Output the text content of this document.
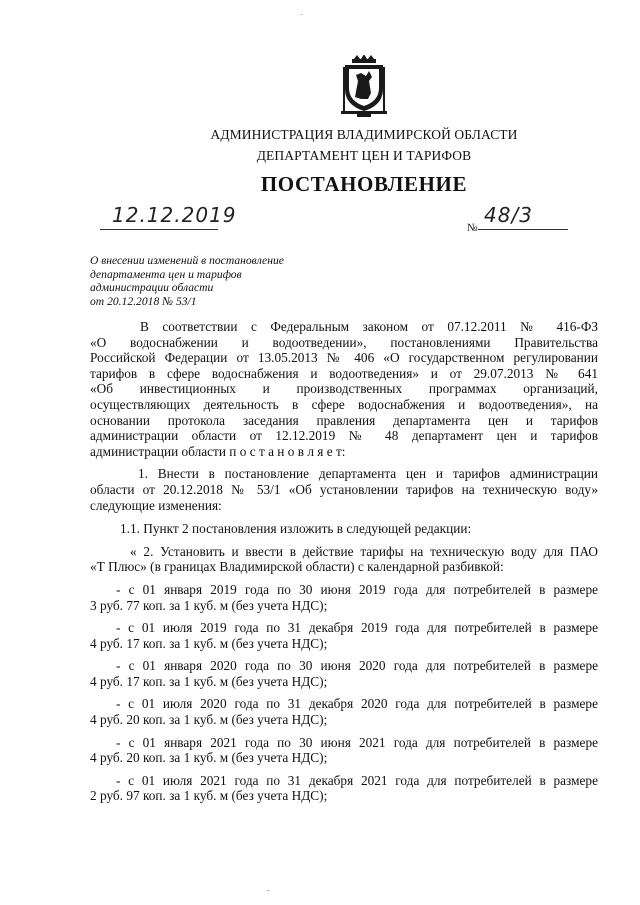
АДМИНИСТРАЦИЯ ВЛАДИМИРСКОЙ ОБЛАСТИ
ДЕПАРТАМЕНТ ЦЕН И ТАРИФОВ
ПОСТАНОВЛЕНИЕ
12.12.2019
№
48/3
О внесении изменений в постановление
департамента цен и тарифов
администрации области
от 20.12.2018 № 53/1
В соответствии с Федеральным законом от 07.12.2011 № 416-ФЗ
«О водоснабжении и водоотведении», постановлениями Правительства
Российской Федерации от 13.05.2013 № 406 «О государственном регулировании
тарифов в сфере водоснабжения и водоотведения» и от 29.07.2013 № 641
«Об инвестиционных и производственных программах организаций,
осуществляющих деятельность в сфере водоснабжения и водоотведения», на
основании протокола заседания правления департамента цен и тарифов
администрации области от 12.12.2019 № 48 департамент цен и тарифов
администрации области п о с т а н о в л я е т:
1. Внести в постановление департамента цен и тарифов администрации
области от 20.12.2018 № 53/1 «Об установлении тарифов на техническую воду»
следующие изменения:
1.1. Пункт 2 постановления изложить в следующей редакции:
« 2. Установить и ввести в действие тарифы на техническую воду для ПАО
«Т Плюс» (в границах Владимирской области) с календарной разбивкой:
- с 01 января 2019 года по 30 июня 2019 года для потребителей в размере
3 руб. 77 коп. за 1 куб. м (без учета НДС);
- с 01 июля 2019 года по 31 декабря 2019 года для потребителей в размере
4 руб. 17 коп. за 1 куб. м (без учета НДС);
- с 01 января 2020 года по 30 июня 2020 года для потребителей в размере
4 руб. 17 коп. за 1 куб. м (без учета НДС);
- с 01 июля 2020 года по 31 декабря 2020 года для потребителей в размере
4 руб. 20 коп. за 1 куб. м (без учета НДС);
- с 01 января 2021 года по 30 июня 2021 года для потребителей в размере
4 руб. 20 коп. за 1 куб. м (без учета НДС);
- с 01 июля 2021 года по 31 декабря 2021 года для потребителей в размере
2 руб. 97 коп. за 1 куб. м (без учета НДС);
